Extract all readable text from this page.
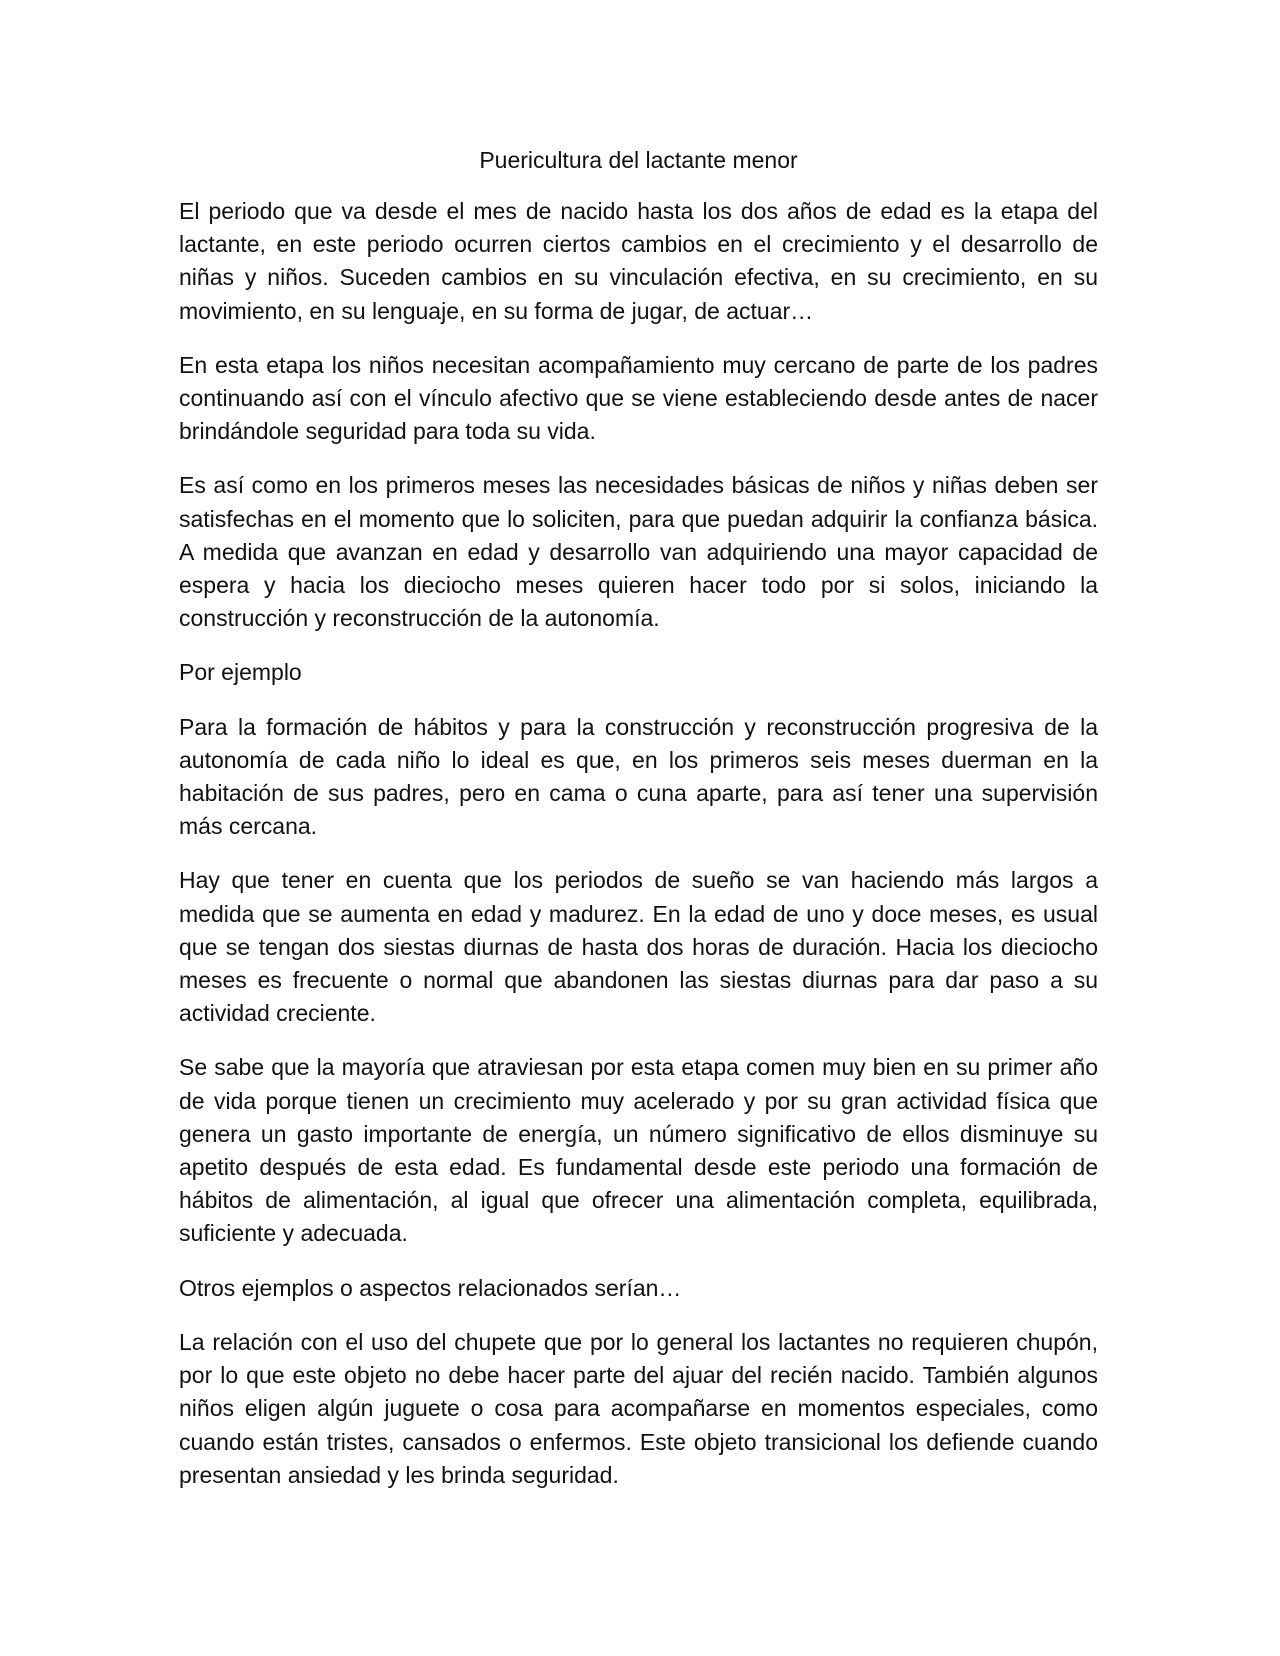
Puericultura del lactante menor

El periodo que va desde el mes de nacido hasta los dos años de edad es la etapa del lactante, en este periodo ocurren ciertos cambios en el crecimiento y el desarrollo de niñas y niños. Suceden cambios en su vinculación efectiva, en su crecimiento, en su movimiento, en su lenguaje, en su forma de jugar, de actuar…

En esta etapa los niños necesitan acompañamiento muy cercano de parte de los padres continuando así con el vínculo afectivo que se viene estableciendo desde antes de nacer brindándole seguridad para toda su vida.

Es así como en los primeros meses las necesidades básicas de niños y niñas deben ser satisfechas en el momento que lo soliciten, para que puedan adquirir la confianza básica. A medida que avanzan en edad y desarrollo van adquiriendo una mayor capacidad de espera y hacia los dieciocho meses quieren hacer todo por si solos, iniciando la construcción y reconstrucción de la autonomía.

Por ejemplo

Para la formación de hábitos y para la construcción y reconstrucción progresiva de la autonomía de cada niño lo ideal es que, en los primeros seis meses duerman en la habitación de sus padres, pero en cama o cuna aparte, para así tener una supervisión más cercana.

Hay que tener en cuenta que los periodos de sueño se van haciendo más largos a medida que se aumenta en edad y madurez. En la edad de uno y doce meses, es usual que se tengan dos siestas diurnas de hasta dos horas de duración. Hacia los dieciocho meses es frecuente o normal que abandonen las siestas diurnas para dar paso a su actividad creciente.

Se sabe que la mayoría que atraviesan por esta etapa comen muy bien en su primer año de vida porque tienen un crecimiento muy acelerado y por su gran actividad física que genera un gasto importante de energía, un número significativo de ellos disminuye su apetito después de esta edad. Es fundamental desde este periodo una formación de hábitos de alimentación, al igual que ofrecer una alimentación completa, equilibrada, suficiente y adecuada.

Otros ejemplos o aspectos relacionados serían…

La relación con el uso del chupete que por lo general los lactantes no requieren chupón, por lo que este objeto no debe hacer parte del ajuar del recién nacido. También algunos niños eligen algún juguete o cosa para acompañarse en momentos especiales, como cuando están tristes, cansados o enfermos. Este objeto transicional los defiende cuando presentan ansiedad y les brinda seguridad.
